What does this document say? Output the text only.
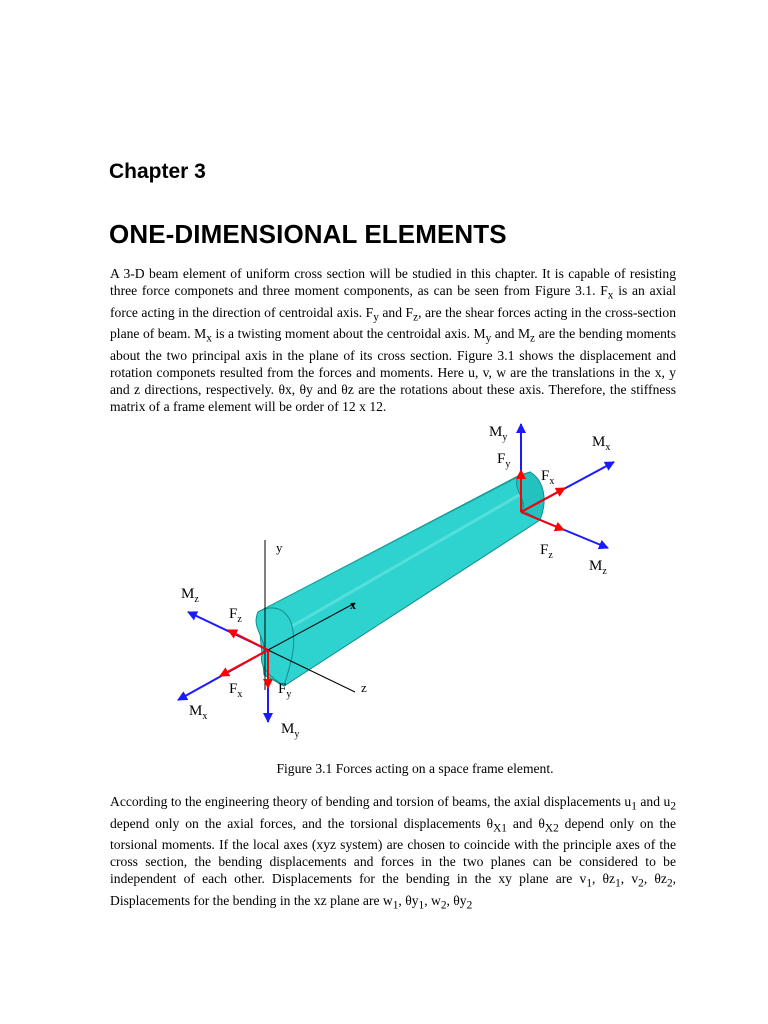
Chapter 3
ONE-DIMENSIONAL ELEMENTS

A 3-D beam element of uniform cross section will be studied in this chapter. It is capable of resisting three force componets and three moment components, as can be seen from Figure 3.1. $F_x$ is an axial force acting in the direction of centroidal axis. $F_y$ and $F_z$, are the shear forces acting in the cross-section plane of beam. $M_x$ is a twisting moment about the centroidal axis. $M_y$ and $M_z$ are the bending moments about the two principal axis in the plane of its cross section. Figure 3.1 shows the displacement and rotation componets resulted from the forces and moments. Here u, v, w are the translations in the x, y and z directions, respectively. θx, θy and θz are the rotations about these axis. Therefore, the stiffness matrix of a frame element will be order of 12 x 12.

y
x
z
$M_y$
$F_y$
$M_x$
$F_x$
$F_z$
$M_z$
$M_z$
$F_z$
$F_x$ $F_y$
$M_x$
$M_y$
Figure 3.1 Forces acting on a space frame element.

According to the engineering theory of bending and torsion of beams, the axial displacements $u_1$ and $u_2$ depend only on the axial forces, and the torsional displacements $\theta_{X1}$ and $\theta_{X2}$ depend only on the torsional moments. If the local axes (xyz system) are chosen to coincide with the principle axes of the cross section, the bending displacements and forces in the two planes can be considered to be independent of each other. Displacements for the bending in the xy plane are $v_1$, $\theta z_1$, $v_2$, $\theta z_2$, Displacements for the bending in the xz plane are $w_1$, $\theta y_1$, $w_2$, $\theta y_2$
